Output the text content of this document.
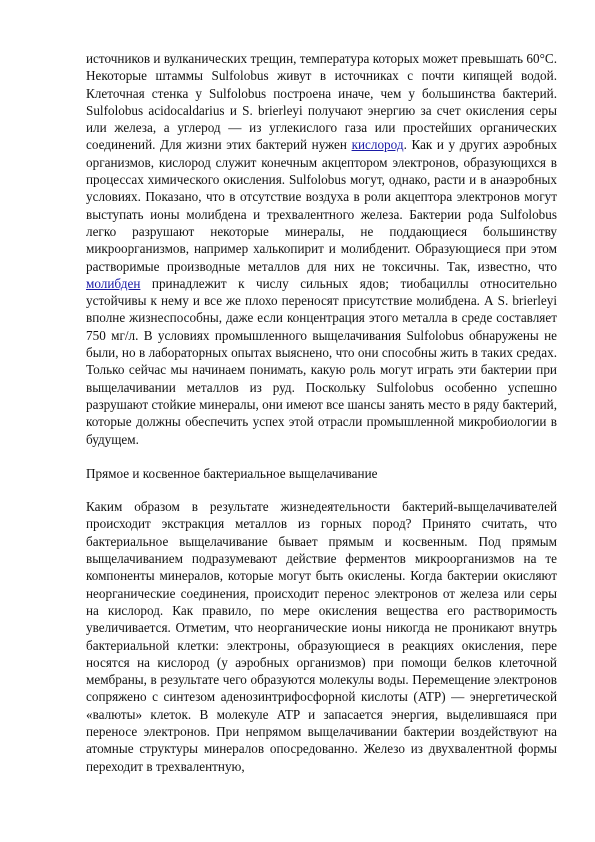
источников и вулканических трещин, температура которых может превышать 60°C. Некоторые штаммы Sulfolobus живут в источниках с почти кипящей водой. Клеточная стенка у Sulfolobus построена иначе, чем у большинства бактерий. Sulfolobus acidocaldarius и S. brierleyi получают энергию за счет окисления серы или железа, а углерод — из углекислого газа или простейших органических соединений. Для жизни этих бактерий нужен кислород. Как и у других аэробных организмов, кислород служит конечным акцептором электронов, образующихся в процессах химического окисления. Sulfolobus могут, однако, расти и в анаэробных условиях. Показано, что в отсутствие воздуха в роли акцептора электронов могут выступать ионы молибдена и трехвалентного железа. Бактерии рода Sulfolobus легко разрушают некоторые минералы, не поддающиеся большинству микроорганизмов, например халькопирит и молибденит. Образующиеся при этом растворимые производные металлов для них не токсичны. Так, известно, что молибден принадлежит к числу сильных ядов; тиобациллы относительно устойчивы к нему и все же плохо переносят присутствие молибдена. А S. brierleyi вполне жизнеспособны, даже если концентрация этого металла в среде составляет 750 мг/л. В условиях промышленного выщелачивания Sulfolobus обнаружены не были, но в лабораторных опытах выяснено, что они способны жить в таких средах. Только сейчас мы начинаем понимать, какую роль могут играть эти бактерии при выщелачивании металлов из руд. Поскольку Sulfolobus особенно успешно разрушают стойкие минералы, они имеют все шансы занять место в ряду бактерий, которые должны обеспечить успех этой отрасли промышленной микробиологии в будущем.

Прямое и косвенное бактериальное выщелачивание

Каким образом в результате жизнедеятельности бактерий-выщелачивателей происходит экстракция металлов из горных пород? Принято считать, что бактериальное выщелачивание бывает прямым и косвенным. Под прямым выщелачиванием подразумевают действие ферментов микроорганизмов на те компоненты минералов, которые могут быть окислены. Когда бактерии окисляют неорганические соединения, происходит перенос электронов от железа или серы на кислород. Как правило, по мере окисления вещества его растворимость увеличивается. Отметим, что неорганические ионы никогда не проникают внутрь бактериальной клетки: электроны, образующиеся в реакциях окисления, пере носятся на кислород (у аэробных организмов) при помощи белков клеточной мембраны, в результате чего образуются молекулы воды. Перемещение электронов сопряжено с синтезом аденозинтрифосфорной кислоты (ATP) — энергетической «валюты» клеток. В молекуле ATP и запасается энергия, выделившаяся при переносе электронов. При непрямом выщелачивании бактерии воздействуют на атомные структуры минералов опосредованно. Железо из двухвалентной формы переходит в трехвалентную,
